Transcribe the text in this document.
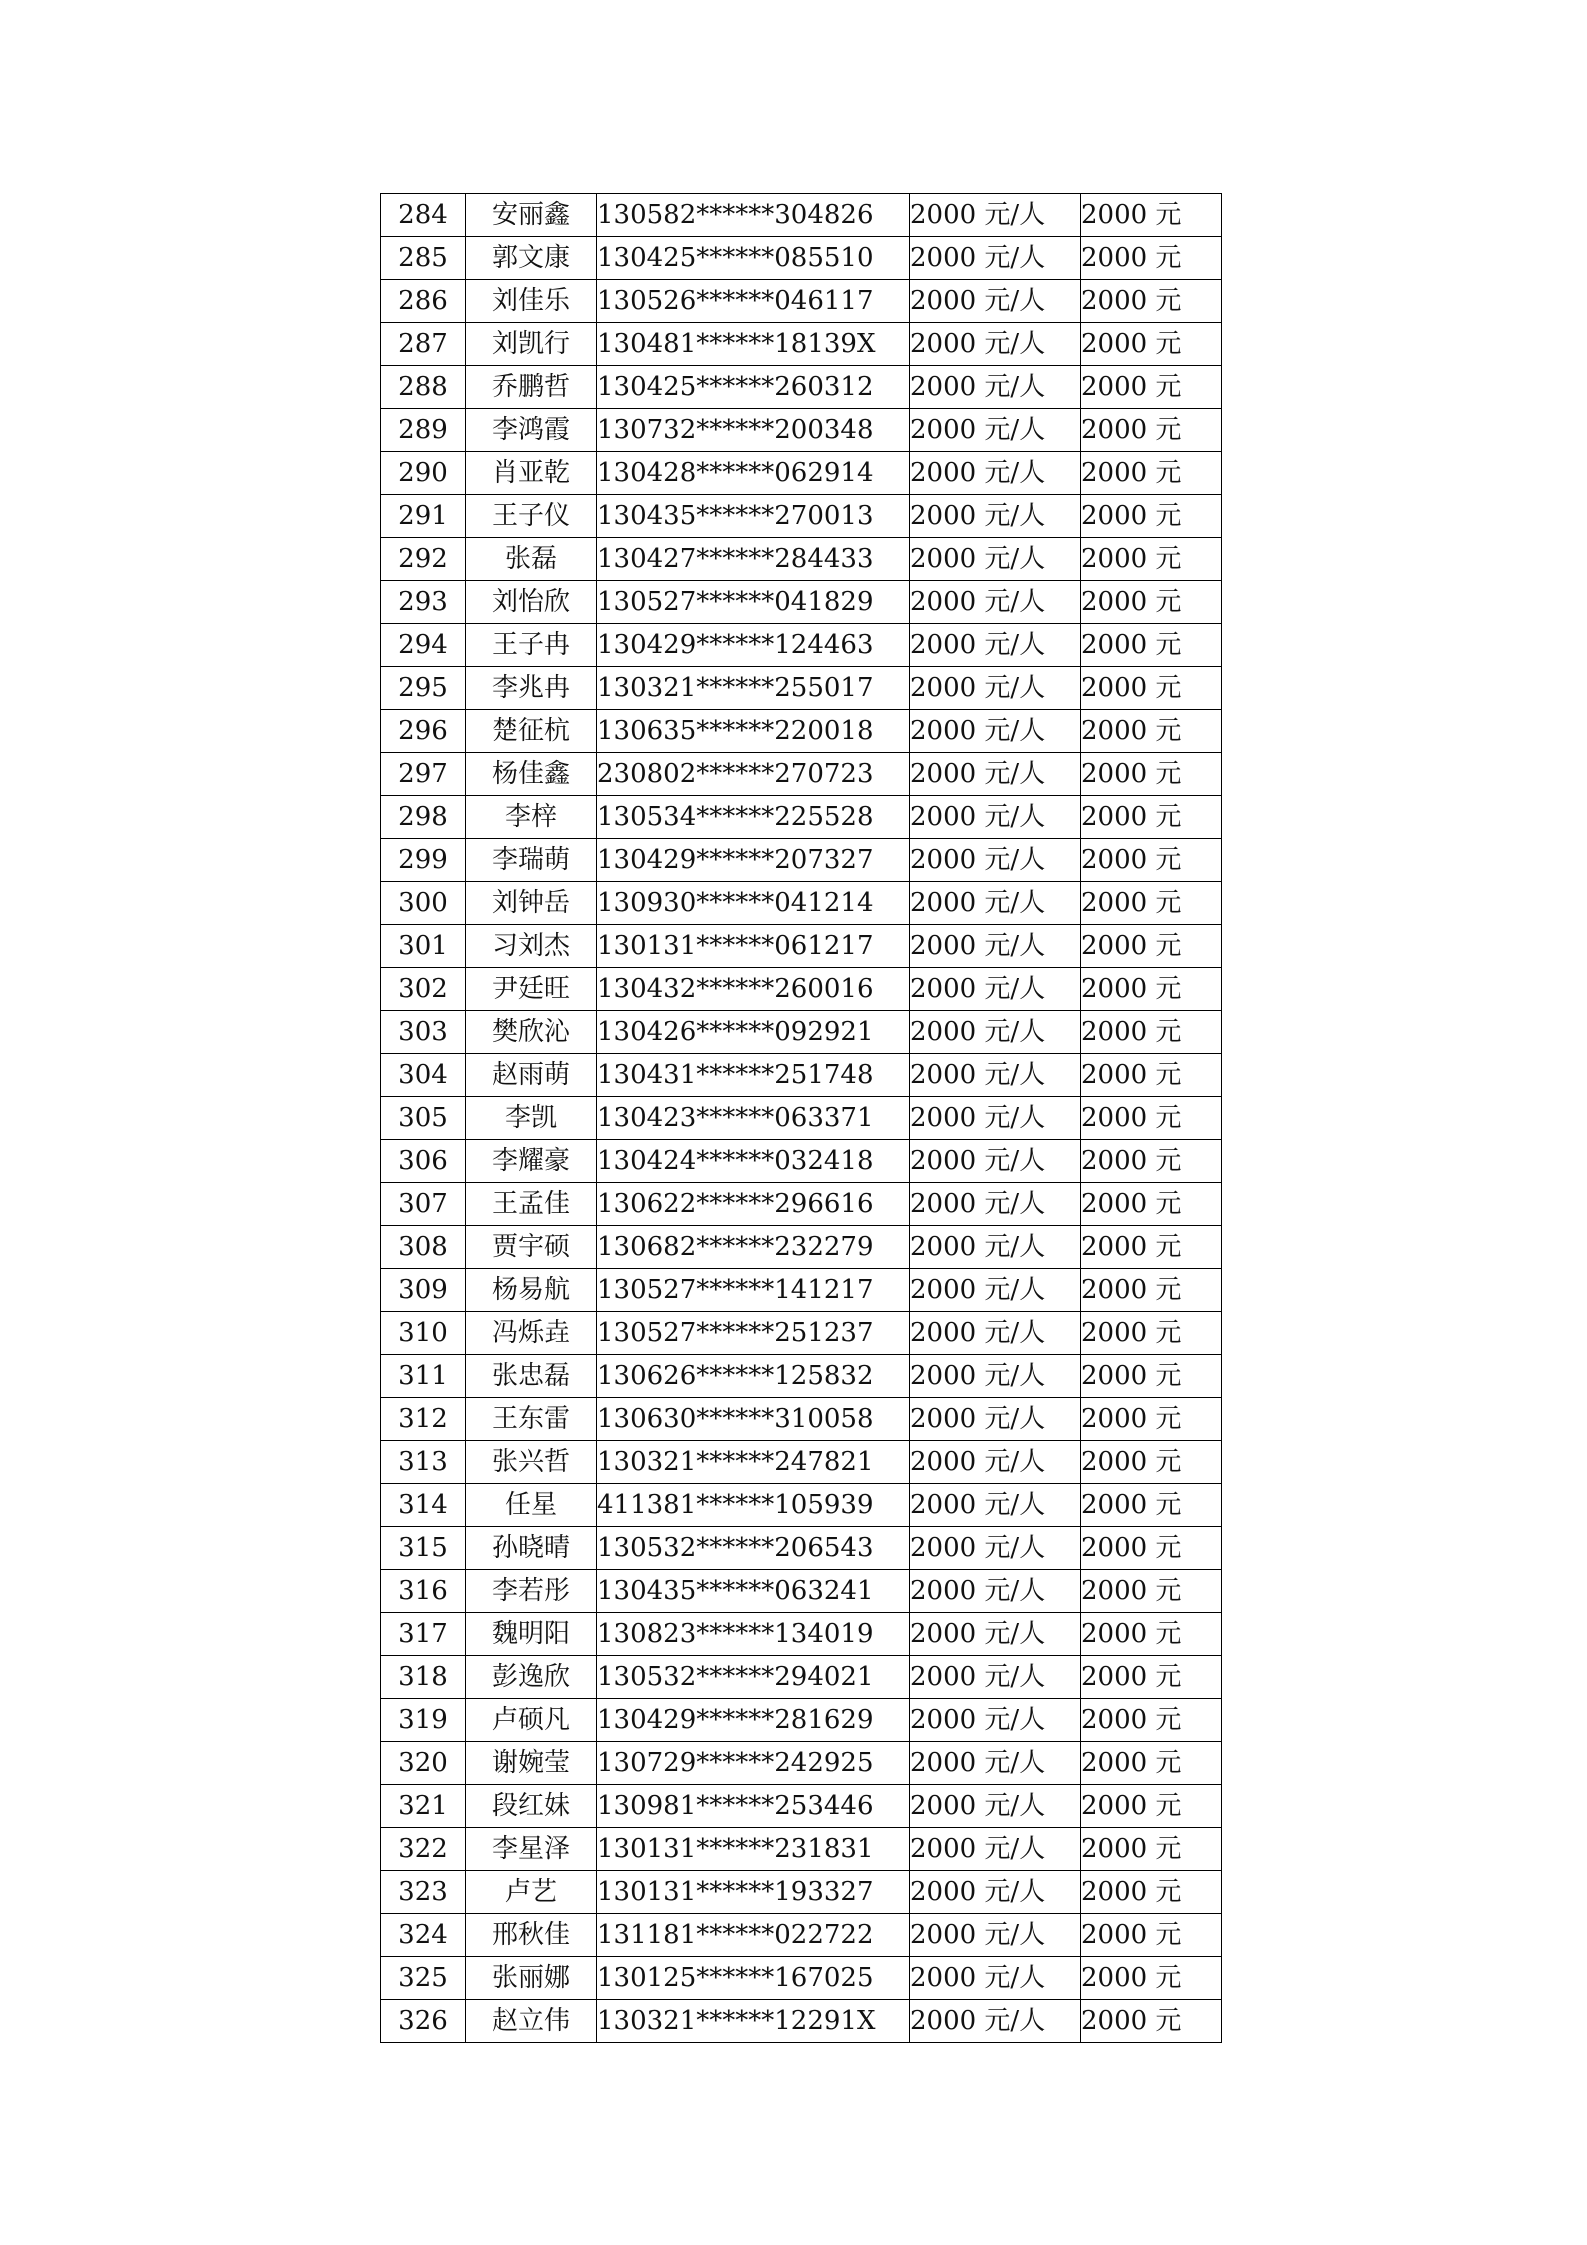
284	安丽鑫	130582******304826	2000 元/人	2000 元
285	郭文康	130425******085510	2000 元/人	2000 元
286	刘佳乐	130526******046117	2000 元/人	2000 元
287	刘凯行	130481******18139X	2000 元/人	2000 元
288	乔鹏哲	130425******260312	2000 元/人	2000 元
289	李鸿霞	130732******200348	2000 元/人	2000 元
290	肖亚乾	130428******062914	2000 元/人	2000 元
291	王子仪	130435******270013	2000 元/人	2000 元
292	张磊	130427******284433	2000 元/人	2000 元
293	刘怡欣	130527******041829	2000 元/人	2000 元
294	王子冉	130429******124463	2000 元/人	2000 元
295	李兆冉	130321******255017	2000 元/人	2000 元
296	楚征杭	130635******220018	2000 元/人	2000 元
297	杨佳鑫	230802******270723	2000 元/人	2000 元
298	李梓	130534******225528	2000 元/人	2000 元
299	李瑞萌	130429******207327	2000 元/人	2000 元
300	刘钟岳	130930******041214	2000 元/人	2000 元
301	习刘杰	130131******061217	2000 元/人	2000 元
302	尹廷旺	130432******260016	2000 元/人	2000 元
303	樊欣沁	130426******092921	2000 元/人	2000 元
304	赵雨萌	130431******251748	2000 元/人	2000 元
305	李凯	130423******063371	2000 元/人	2000 元
306	李耀豪	130424******032418	2000 元/人	2000 元
307	王孟佳	130622******296616	2000 元/人	2000 元
308	贾宇硕	130682******232279	2000 元/人	2000 元
309	杨易航	130527******141217	2000 元/人	2000 元
310	冯烁垚	130527******251237	2000 元/人	2000 元
311	张忠磊	130626******125832	2000 元/人	2000 元
312	王东雷	130630******310058	2000 元/人	2000 元
313	张兴哲	130321******247821	2000 元/人	2000 元
314	任星	411381******105939	2000 元/人	2000 元
315	孙晓晴	130532******206543	2000 元/人	2000 元
316	李若彤	130435******063241	2000 元/人	2000 元
317	魏明阳	130823******134019	2000 元/人	2000 元
318	彭逸欣	130532******294021	2000 元/人	2000 元
319	卢硕凡	130429******281629	2000 元/人	2000 元
320	谢婉莹	130729******242925	2000 元/人	2000 元
321	段红妹	130981******253446	2000 元/人	2000 元
322	李星泽	130131******231831	2000 元/人	2000 元
323	卢艺	130131******193327	2000 元/人	2000 元
324	邢秋佳	131181******022722	2000 元/人	2000 元
325	张丽娜	130125******167025	2000 元/人	2000 元
326	赵立伟	130321******12291X	2000 元/人	2000 元
